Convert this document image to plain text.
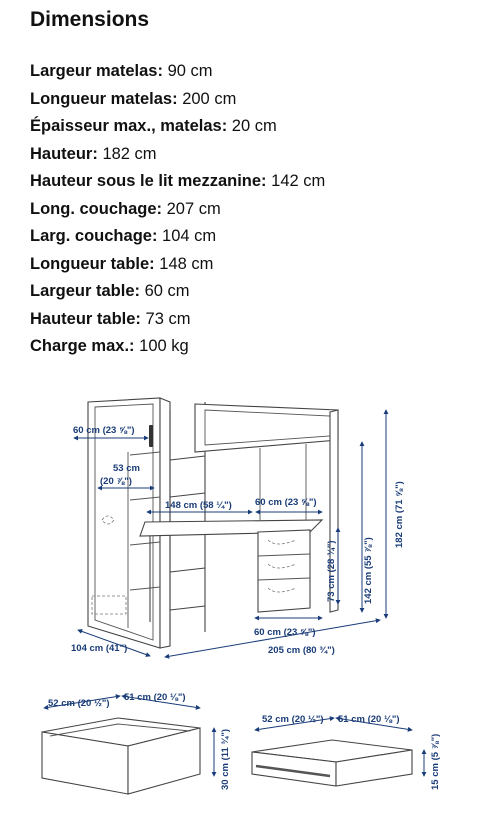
Dimensions
Largeur matelas: 90 cm
Longueur matelas: 200 cm
Épaisseur max., matelas: 20 cm
Hauteur: 182 cm
Hauteur sous le lit mezzanine: 142 cm
Long. couchage: 207 cm
Larg. couchage: 104 cm
Longueur table: 148 cm
Largeur table: 60 cm
Hauteur table: 73 cm
Charge max.: 100 kg
60 cm (23 ⅝")
53 cm
(20 ⅞")
148 cm (58 ¼") 60 cm (23 ⅝")
73 cm (28 ¾")	142 cm (55 ⅞")
182 cm (71 ⅝")
60 cm (23 ⅝")
104 cm (41")	205 cm (80 ¾")
52 cm (20 ½")
51 cm (20 ⅛")
30 cm (11 ¾")
52 cm (20 ½") 51 cm (20 ⅛")
15 cm (5 ⅞")
